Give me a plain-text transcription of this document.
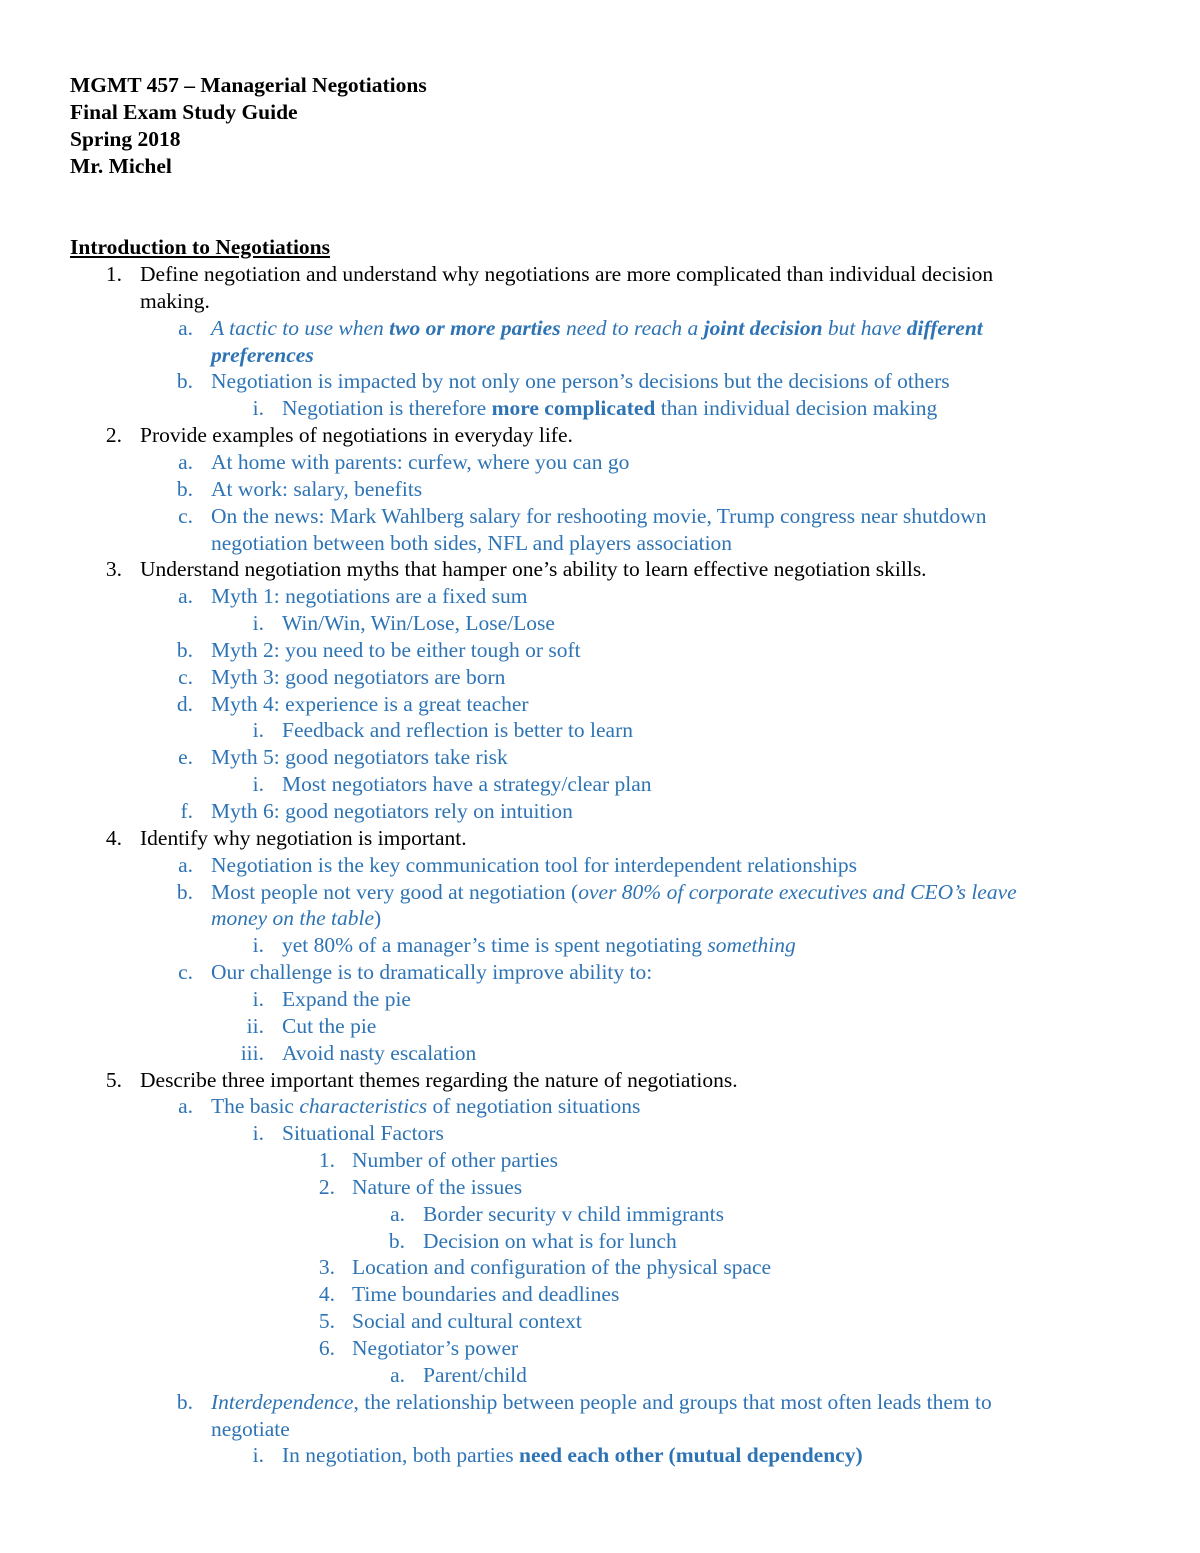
MGMT 457 – Managerial Negotiations
Final Exam Study Guide
Spring 2018
Mr. Michel
Introduction to Negotiations
1. Define negotiation and understand why negotiations are more complicated than individual decision
making.
a. A tactic to use when two or more parties need to reach a joint decision but have different
preferences
b. Negotiation is impacted by not only one person’s decisions but the decisions of others
i. Negotiation is therefore more complicated than individual decision making
2. Provide examples of negotiations in everyday life.
a. At home with parents: curfew, where you can go
b. At work: salary, benefits
c. On the news: Mark Wahlberg salary for reshooting movie, Trump congress near shutdown
negotiation between both sides, NFL and players association
3. Understand negotiation myths that hamper one’s ability to learn effective negotiation skills.
a. Myth 1: negotiations are a fixed sum
i. Win/Win, Win/Lose, Lose/Lose
b. Myth 2: you need to be either tough or soft
c. Myth 3: good negotiators are born
d. Myth 4: experience is a great teacher
i. Feedback and reflection is better to learn
e. Myth 5: good negotiators take risk
i. Most negotiators have a strategy/clear plan
f. Myth 6: good negotiators rely on intuition
4. Identify why negotiation is important.
a. Negotiation is the key communication tool for interdependent relationships
b. Most people not very good at negotiation (over 80% of corporate executives and CEO’s leave
money on the table)
i. yet 80% of a manager’s time is spent negotiating something
c. Our challenge is to dramatically improve ability to:
i. Expand the pie
ii. Cut the pie
iii. Avoid nasty escalation
5. Describe three important themes regarding the nature of negotiations.
a. The basic characteristics of negotiation situations
i. Situational Factors
1. Number of other parties
2. Nature of the issues
a. Border security v child immigrants
b. Decision on what is for lunch
3. Location and configuration of the physical space
4. Time boundaries and deadlines
5. Social and cultural context
6. Negotiator’s power
a. Parent/child
b. Interdependence, the relationship between people and groups that most often leads them to
negotiate
i. In negotiation, both parties need each other (mutual dependency)
